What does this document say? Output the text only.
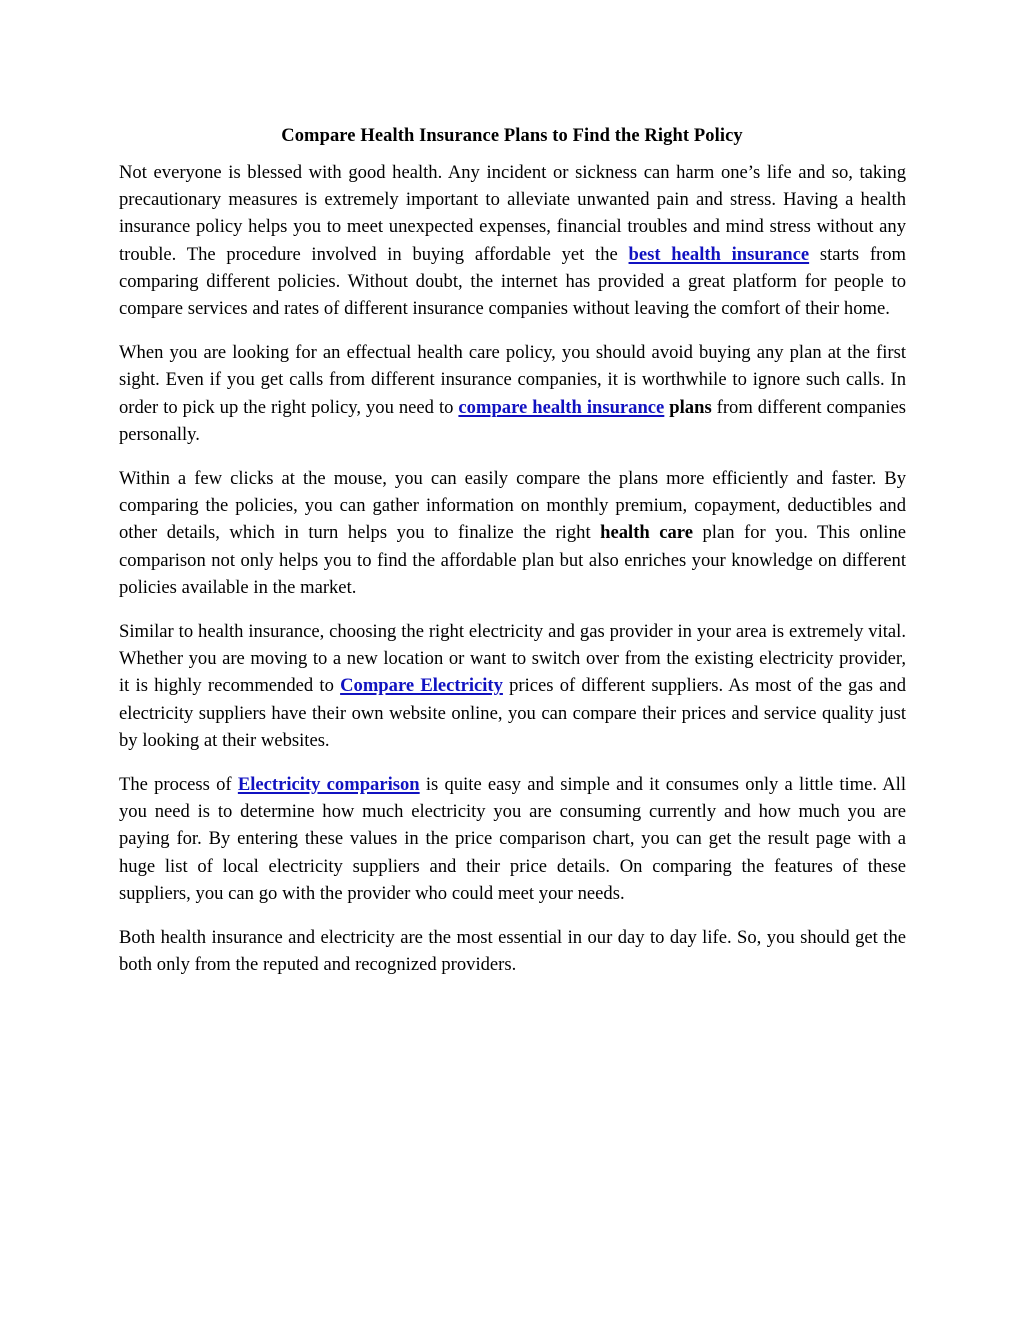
Compare Health Insurance Plans to Find the Right Policy

Not everyone is blessed with good health. Any incident or sickness can harm one’s life and so, taking precautionary measures is extremely important to alleviate unwanted pain and stress. Having a health insurance policy helps you to meet unexpected expenses, financial troubles and mind stress without any trouble. The procedure involved in buying affordable yet the best health insurance starts from comparing different policies. Without doubt, the internet has provided a great platform for people to compare services and rates of different insurance companies without leaving the comfort of their home.

When you are looking for an effectual health care policy, you should avoid buying any plan at the first sight. Even if you get calls from different insurance companies, it is worthwhile to ignore such calls. In order to pick up the right policy, you need to compare health insurance plans from different companies personally.

Within a few clicks at the mouse, you can easily compare the plans more efficiently and faster. By comparing the policies, you can gather information on monthly premium, copayment, deductibles and other details, which in turn helps you to finalize the right health care plan for you. This online comparison not only helps you to find the affordable plan but also enriches your knowledge on different policies available in the market.

Similar to health insurance, choosing the right electricity and gas provider in your area is extremely vital. Whether you are moving to a new location or want to switch over from the existing electricity provider, it is highly recommended to Compare Electricity prices of different suppliers. As most of the gas and electricity suppliers have their own website online, you can compare their prices and service quality just by looking at their websites.

The process of Electricity comparison is quite easy and simple and it consumes only a little time. All you need is to determine how much electricity you are consuming currently and how much you are paying for. By entering these values in the price comparison chart, you can get the result page with a huge list of local electricity suppliers and their price details. On comparing the features of these suppliers, you can go with the provider who could meet your needs.

Both health insurance and electricity are the most essential in our day to day life. So, you should get the both only from the reputed and recognized providers.
